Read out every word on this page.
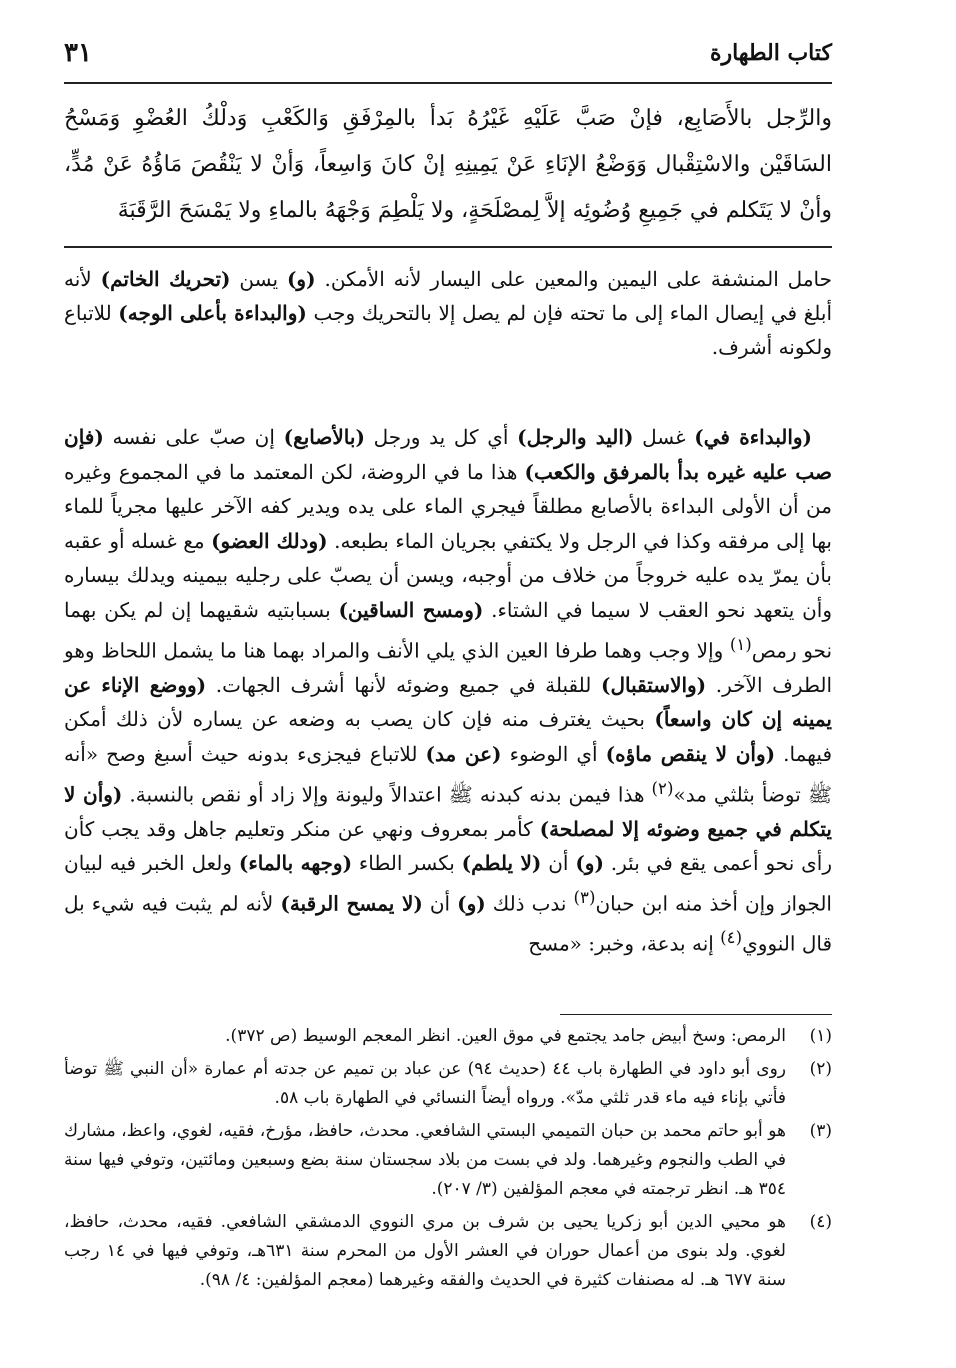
كتاب الطهارة
٣١
والرِّجل بالأَصَابِع، فإنْ صَبَّ عَلَيْهِ غَيْرُهُ بَدأ بالمِرْفَقِ وَالكَعْبِ وَدلْكُ العُضْوِ وَمَسْحُ السَاقَيْن والاسْتِقْبال وَوَضْعُ الإنَاءِ عَنْ يَمِينِهِ إنْ كانَ وَاسِعاً، وَأنْ لا يَنْقُصَ مَاؤُهُ عَنْ مُدٍّ، وأنْ لا يَتَكلم في جَمِيعِ وُضُوئِه إلاَّ لِمصْلَحَةٍ، ولا يَلْطِمَ وَجْهَهُ بالماءِ ولا يَمْسَحَ الرَّقَبَةَ

حامل المنشفة على اليمين والمعين على اليسار لأنه الأمكن. (و) يسن (تحريك الخاتم) لأنه أبلغ في إيصال الماء إلى ما تحته فإن لم يصل إلا بالتحريك وجب (والبداءة بأعلى الوجه) للاتباع ولكونه أشرف.

(والبداءة في) غسل (اليد والرجل) أي كل يد ورجل (بالأصابع) إن صبّ على نفسه (فإن صب عليه غيره بدأ بالمرفق والكعب) هذا ما في الروضة، لكن المعتمد ما في المجموع وغيره من أن الأولى البداءة بالأصابع مطلقاً فيجري الماء على يده ويدير كفه الآخر عليها مجرياً للماء بها إلى مرفقه وكذا في الرجل ولا يكتفي بجريان الماء بطبعه. (ودلك العضو) مع غسله أو عقبه بأن يمرّ يده عليه خروجاً من خلاف من أوجبه، ويسن أن يصبّ على رجليه بيمينه ويدلك بيساره وأن يتعهد نحو العقب لا سيما في الشتاء. (ومسح الساقين) بسبابتيه شقيهما إن لم يكن بهما نحو رمص$^{(١)}$ وإلا وجب وهما طرفا العين الذي يلي الأنف والمراد بهما هنا ما يشمل اللحاظ وهو الطرف الآخر. (والاستقبال) للقبلة في جميع وضوئه لأنها أشرف الجهات. (ووضع الإناء عن يمينه إن كان واسعاً) بحيث يغترف منه فإن كان يصب به وضعه عن يساره لأن ذلك أمكن فيهما. (وأن لا ينقص ماؤه) أي الوضوء (عن مد) للاتباع فيجزىء بدونه حيث أسبغ وصح «أنه ﷺ توضأ بثلثي مد»$^{(٢)}$ هذا فيمن بدنه كبدنه ﷺ اعتدالاً وليونة وإلا زاد أو نقص بالنسبة. (وأن لا يتكلم في جميع وضوئه إلا لمصلحة) كأمر بمعروف ونهي عن منكر وتعليم جاهل وقد يجب كأن رأى نحو أعمى يقع في بئر. (و) أن (لا يلطم) بكسر الطاء (وجهه بالماء) ولعل الخبر فيه لبيان الجواز وإن أخذ منه ابن حبان$^{(٣)}$ ندب ذلك (و) أن (لا يمسح الرقبة) لأنه لم يثبت فيه شيء بل قال النووي$^{(٤)}$ إنه بدعة، وخبر: «مسح

(١)
الرمص: وسخ أبيض جامد يجتمع في موق العين. انظر المعجم الوسيط (ص ٣٧٢).
(٢)
روى أبو داود في الطهارة باب ٤٤ (حديث ٩٤) عن عباد بن تميم عن جدته أم عمارة «أن النبي ﷺ توضأ فأتي بإناء فيه ماء قدر ثلثي مدّ». ورواه أيضاً النسائي في الطهارة باب ٥٨.
(٣)
هو أبو حاتم محمد بن حبان التميمي البستي الشافعي. محدث، حافظ، مؤرخ، فقيه، لغوي، واعظ، مشارك في الطب والنجوم وغيرهما. ولد في بست من بلاد سجستان سنة بضع وسبعين ومائتين، وتوفي فيها سنة ٣٥٤ هـ. انظر ترجمته في معجم المؤلفين (٣/ ٢٠٧).
(٤)
هو محيي الدين أبو زكريا يحيى بن شرف بن مري النووي الدمشقي الشافعي. فقيه، محدث، حافظ، لغوي. ولد بنوى من أعمال حوران في العشر الأول من المحرم سنة ٦٣١هـ، وتوفي فيها في ١٤ رجب سنة ٦٧٧ هـ. له مصنفات كثيرة في الحديث والفقه وغيرهما (معجم المؤلفين: ٤/ ٩٨).
